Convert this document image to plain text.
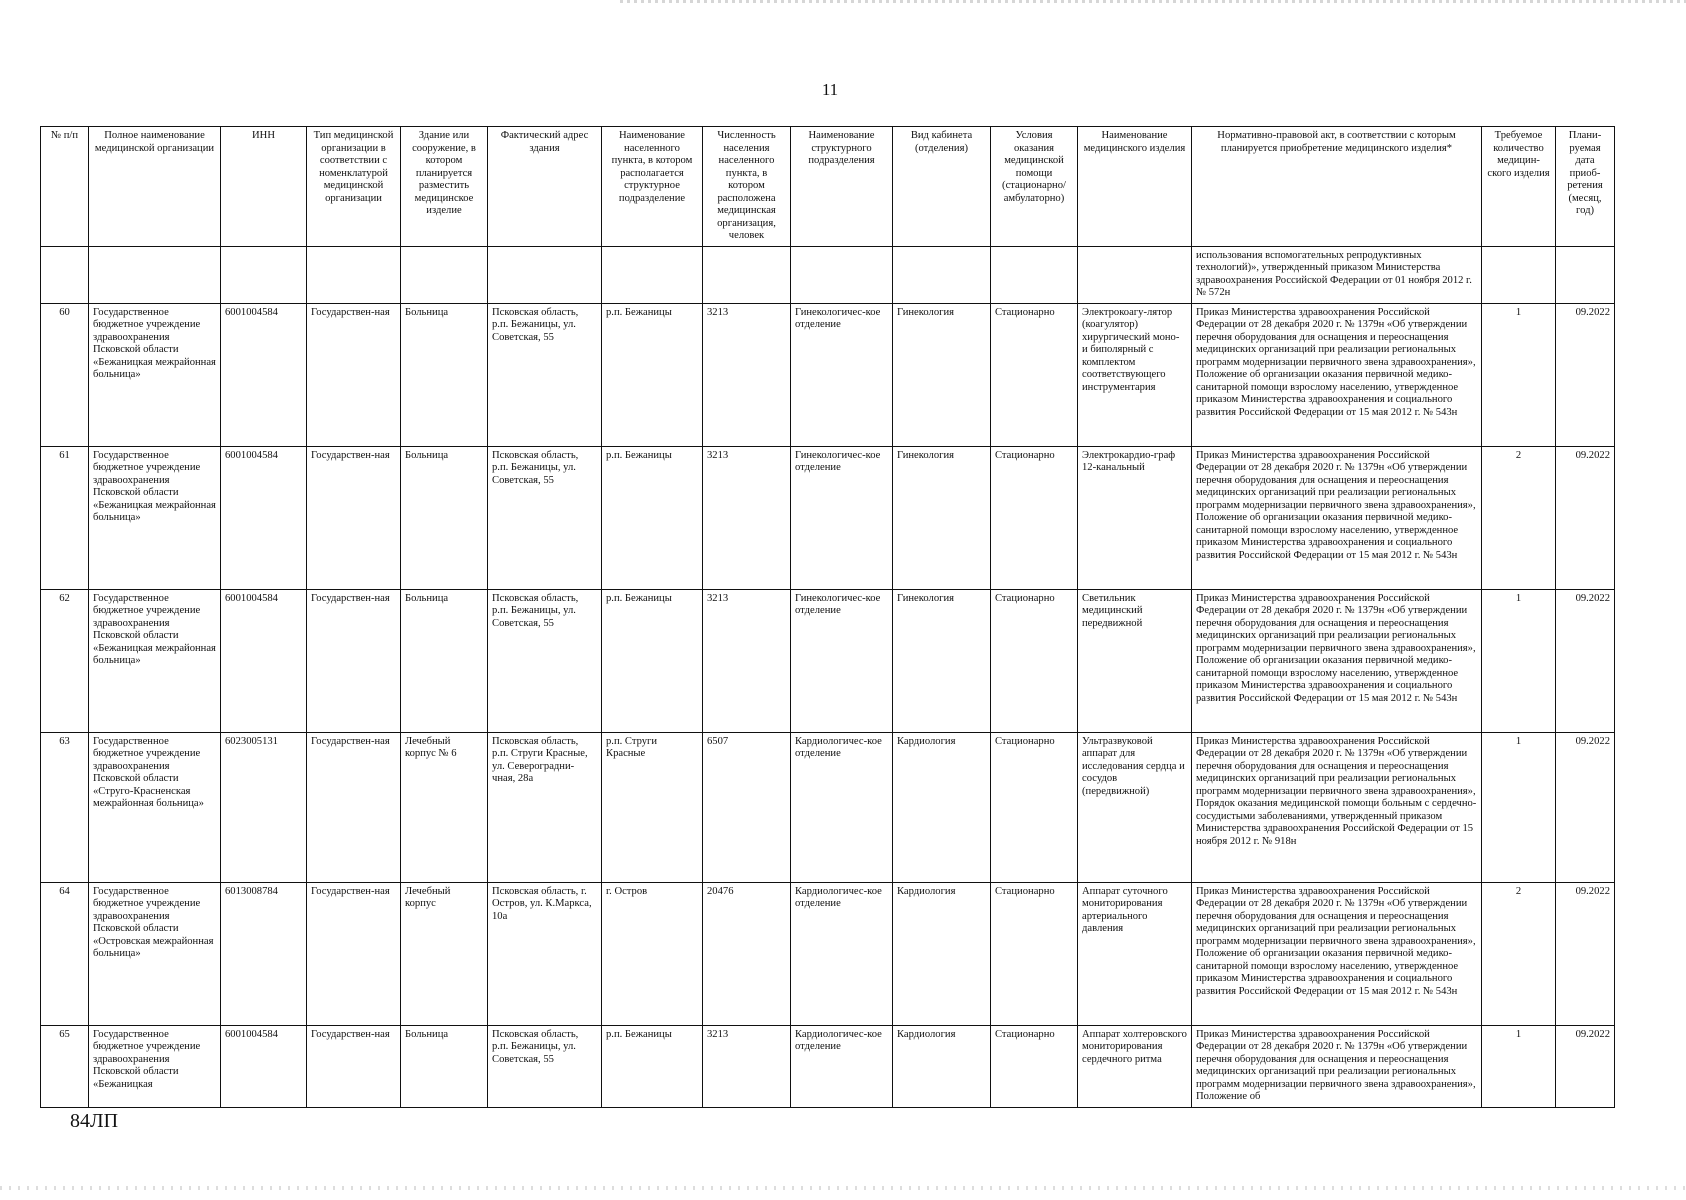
11
№ п/п	Полное наименование медицинской организации	ИНН	Тип медицинской организации в соответствии с номенклатурой медицинской организации	Здание или сооружение, в котором планируется разместить медицинское изделие	Фактический адрес здания	Наименование населенного пункта, в котором располагается структурное подразделение	Численность населения населенного пункта, в котором расположена медицинская организация, человек	Наименование структурного подразделения	Вид кабинета (отделения)	Условия оказания медицинской помощи (стационарно/ амбулаторно)	Наименование медицинского изделия	Нормативно-правовой акт, в соответствии с которым планируется приобретение медицинского изделия*	Требуемое количество медицин-ского изделия	Плани-руемая дата приоб-ретения (месяц, год)
												использования вспомогательных репродуктивных технологий)», утвержденный приказом Министерства здравоохранения Российской Федерации от 01 ноября 2012 г. № 572н		
60	Государственное бюджетное учреждение здравоохранения Псковской области «Бежаницкая межрайонная больница»	6001004584	Государствен-ная	Больница	Псковская область, р.п. Бежаницы, ул. Советская, 55	р.п. Бежаницы	3213	Гинекологичес-кое отделение	Гинекология	Стационарно	Электрокоагу-лятор (коагулятор) хирургический моно- и биполярный с комплектом соответствующего инструментария	Приказ Министерства здравоохранения Российской Федерации от 28 декабря 2020 г. № 1379н «Об утверждении перечня оборудования для оснащения и переоснащения медицинских организаций при реализации региональных программ модернизации первичного звена здравоохранения», Положение об организации оказания первичной медико-санитарной помощи взрослому населению, утвержденное приказом Министерства здравоохранения и социального развития Российской Федерации от 15 мая 2012 г. № 543н	1	09.2022
61	Государственное бюджетное учреждение здравоохранения Псковской области «Бежаницкая межрайонная больница»	6001004584	Государствен-ная	Больница	Псковская область, р.п. Бежаницы, ул. Советская, 55	р.п. Бежаницы	3213	Гинекологичес-кое отделение	Гинекология	Стационарно	Электрокардио-граф 12-канальный	Приказ Министерства здравоохранения Российской Федерации от 28 декабря 2020 г. № 1379н «Об утверждении перечня оборудования для оснащения и переоснащения медицинских организаций при реализации региональных программ модернизации первичного звена здравоохранения», Положение об организации оказания первичной медико-санитарной помощи взрослому населению, утвержденное приказом Министерства здравоохранения и социального развития Российской Федерации от 15 мая 2012 г. № 543н	2	09.2022
62	Государственное бюджетное учреждение здравоохранения Псковской области «Бежаницкая межрайонная больница»	6001004584	Государствен-ная	Больница	Псковская область, р.п. Бежаницы, ул. Советская, 55	р.п. Бежаницы	3213	Гинекологичес-кое отделение	Гинекология	Стационарно	Светильник медицинский передвижной	Приказ Министерства здравоохранения Российской Федерации от 28 декабря 2020 г. № 1379н «Об утверждении перечня оборудования для оснащения и переоснащения медицинских организаций при реализации региональных программ модернизации первичного звена здравоохранения», Положение об организации оказания первичной медико-санитарной помощи взрослому населению, утвержденное приказом Министерства здравоохранения и социального развития Российской Федерации от 15 мая 2012 г. № 543н	1	09.2022
63	Государственное бюджетное учреждение здравоохранения Псковской области «Струго-Красненская межрайонная больница»	6023005131	Государствен-ная	Лечебный корпус № 6	Псковская область, р.п. Струги Красные, ул. Североградни-чная, 28а	р.п. Струги Красные	6507	Кардиологичес-кое отделение	Кардиология	Стационарно	Ультразвуковой аппарат для исследования сердца и сосудов (передвижной)	Приказ Министерства здравоохранения Российской Федерации от 28 декабря 2020 г. № 1379н «Об утверждении перечня оборудования для оснащения и переоснащения медицинских организаций при реализации региональных программ модернизации первичного звена здравоохранения», Порядок оказания медицинской помощи больным с сердечно-сосудистыми заболеваниями, утвержденный приказом Министерства здравоохранения Российской Федерации от 15 ноября 2012 г. № 918н	1	09.2022
64	Государственное бюджетное учреждение здравоохранения Псковской области «Островская межрайонная больница»	6013008784	Государствен-ная	Лечебный корпус	Псковская область, г. Остров, ул. К.Маркса, 10а	г. Остров	20476	Кардиологичес-кое отделение	Кардиология	Стационарно	Аппарат суточного мониторирования артериального давления	Приказ Министерства здравоохранения Российской Федерации от 28 декабря 2020 г. № 1379н «Об утверждении перечня оборудования для оснащения и переоснащения медицинских организаций при реализации региональных программ модернизации первичного звена здравоохранения», Положение об организации оказания первичной медико-санитарной помощи взрослому населению, утвержденное приказом Министерства здравоохранения и социального развития Российской Федерации от 15 мая 2012 г. № 543н	2	09.2022
65	Государственное бюджетное учреждение здравоохранения Псковской области «Бежаницкая	6001004584	Государствен-ная	Больница	Псковская область, р.п. Бежаницы, ул. Советская, 55	р.п. Бежаницы	3213	Кардиологичес-кое отделение	Кардиология	Стационарно	Аппарат холтеровского мониторирования сердечного ритма	Приказ Министерства здравоохранения Российской Федерации от 28 декабря 2020 г. № 1379н «Об утверждении перечня оборудования для оснащения и переоснащения медицинских организаций при реализации региональных программ модернизации первичного звена здравоохранения», Положение об	1	09.2022
84ЛП
